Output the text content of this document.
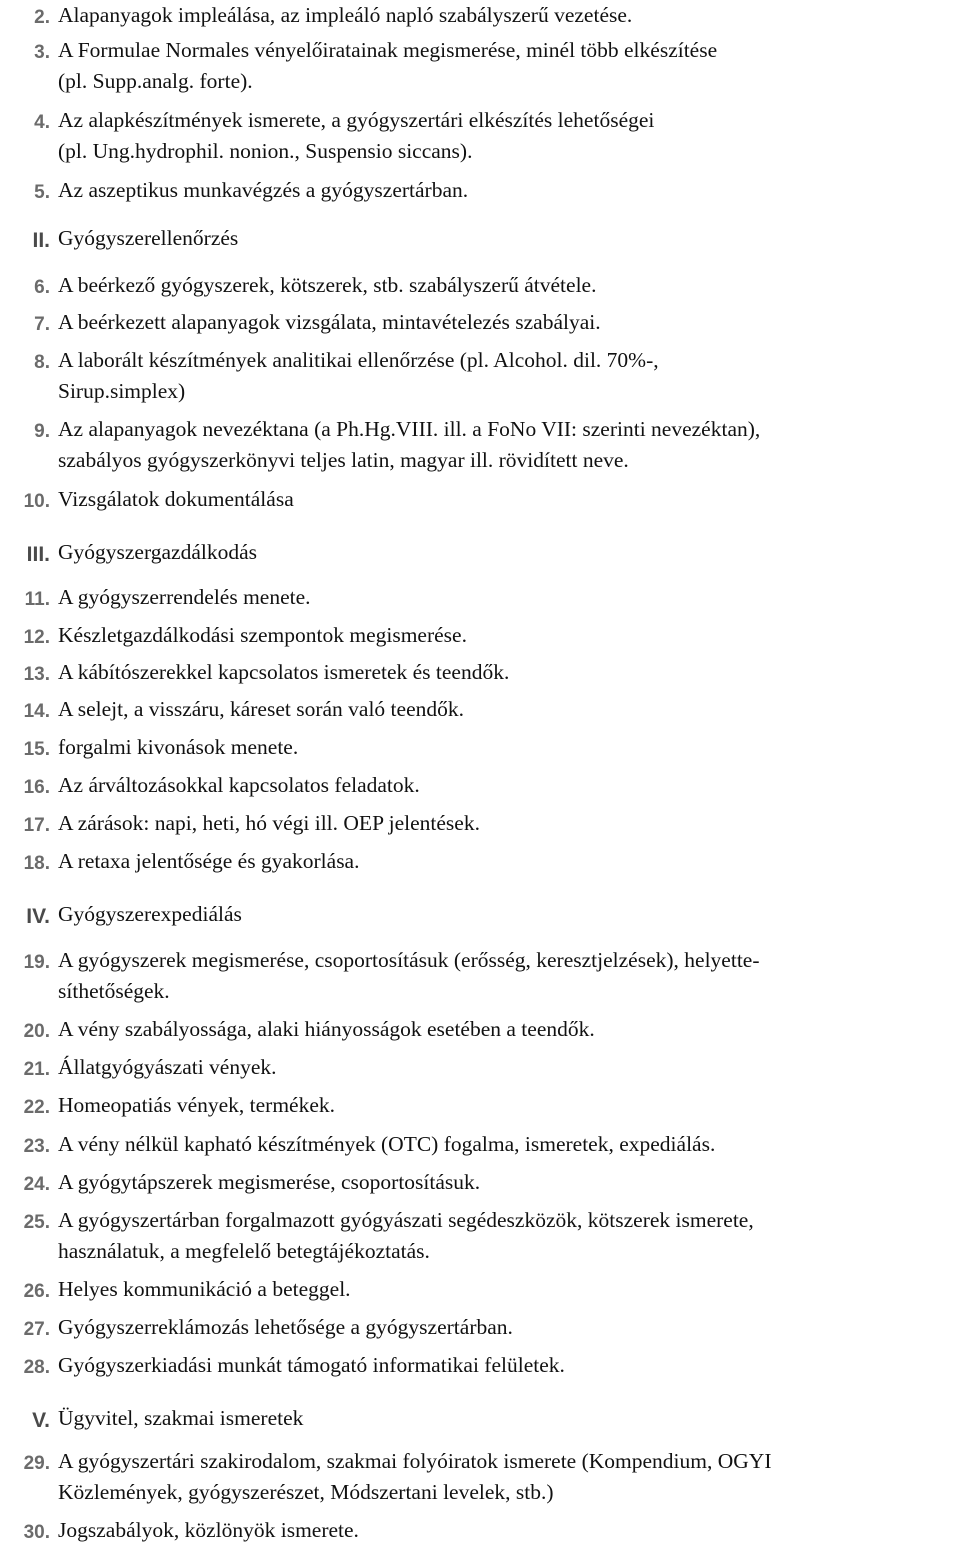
2. Alapanyagok impleálása, az impleáló napló szabályszerű vezetése.
3. A Formulae Normales vényelőiratainak megismerése, minél több elkészítése
(pl. Supp.analg. forte).
4. Az alapkészítmények ismerete, a gyógyszertári elkészítés lehetőségei
(pl. Ung.hydrophil. nonion., Suspensio siccans).
5. Az aszeptikus munkavégzés a gyógyszertárban.
II. Gyógyszerellenőrzés
6. A beérkező gyógyszerek, kötszerek, stb. szabályszerű átvétele.
7. A beérkezett alapanyagok vizsgálata, mintavételezés szabályai.
8. A laborált készítmények analitikai ellenőrzése (pl. Alcohol. dil. 70%-,
Sirup.simplex)
9. Az alapanyagok nevezéktana (a Ph.Hg.VIII. ill. a FoNo VII: szerinti nevezéktan),
szabályos gyógyszerkönyvi teljes latin, magyar ill. rövidített neve.
10. Vizsgálatok dokumentálása
III. Gyógyszergazdálkodás
11. A gyógyszerrendelés menete.
12. Készletgazdálkodási szempontok megismerése.
13. A kábítószerekkel kapcsolatos ismeretek és teendők.
14. A selejt, a visszáru, káreset során való teendők.
15. forgalmi kivonások menete.
16. Az árváltozásokkal kapcsolatos feladatok.
17. A zárások: napi, heti, hó végi ill. OEP jelentések.
18. A retaxa jelentősége és gyakorlása.
IV. Gyógyszerexpediálás
19. A gyógyszerek megismerése, csoportosításuk (erősség, keresztjelzések), helyette-
síthetőségek.
20. A vény szabályossága, alaki hiányosságok esetében a teendők.
21. Állatgyógyászati vények.
22. Homeopatiás vények, termékek.
23. A vény nélkül kapható készítmények (OTC) fogalma, ismeretek, expediálás.
24. A gyógytápszerek megismerése, csoportosításuk.
25. A gyógyszertárban forgalmazott gyógyászati segédeszközök, kötszerek ismerete,
használatuk, a megfelelő betegtájékoztatás.
26. Helyes kommunikáció a beteggel.
27. Gyógyszerreklámozás lehetősége a gyógyszertárban.
28. Gyógyszerkiadási munkát támogató informatikai felületek.
V. Ügyvitel, szakmai ismeretek
29. A gyógyszertári szakirodalom, szakmai folyóiratok ismerete (Kompendium, OGYI
Közlemények, gyógyszerészet, Módszertani levelek, stb.)
30. Jogszabályok, közlönyök ismerete.
